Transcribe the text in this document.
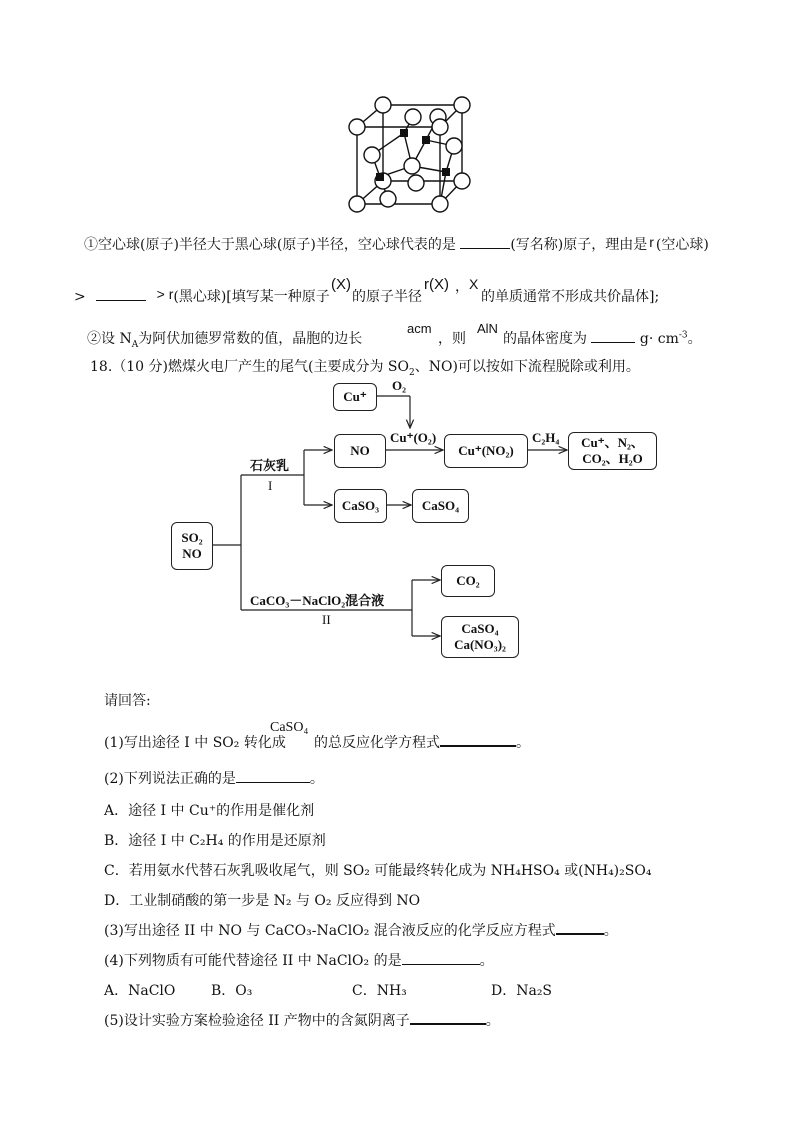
①空心球(原子)半径大于黑心球(原子)半径，空心球代表的是	(写名称)原子，理由是 r (空心球)
>	> r(黑心球)[填写某一种原子
(X)
的原子半径
r(X) ， X
的单质通常不形成共价晶体];
②设 $N_A$为阿伏加德罗常数的值，晶胞的边长
acm
，则
AlN
的晶体密度为	$g\cdot cm^{-3}$。
18.（10 分)燃煤火电厂产生的尾气(主要成分为 $SO_2$、NO)可以按如下流程脱除或利用。
Cu⁺
O₂
NO
Cu⁺(O₂)
Cu⁺(NO₂)
C₂H₄ Cu⁺、N₂、
CO₂、H₂O
CaSO₃	CaSO₄
SO₂
NO
石灰乳
I
CaCO₃－NaClO₂混合液
II
CO₂
CaSO₄
Ca(NO₃)₂
请回答:
(1)写出途径 I 中 SO₂ 转化成
CaSO₄
的总反应化学方程式	。
(2)下列说法正确的是	。
A．途径 I 中 Cu⁺的作用是催化剂
B．途径 I 中 C₂H₄ 的作用是还原剂
C．若用氨水代替石灰乳吸收尾气，则 SO₂ 可能最终转化成为 NH₄HSO₄ 或(NH₄)₂SO₄
D．工业制硝酸的第一步是 N₂ 与 O₂ 反应得到 NO
(3)写出途径 II 中 NO 与 CaCO₃-NaClO₂ 混合液反应的化学反应方程式	。
(4)下列物质有可能代替途径 II 中 NaClO₂ 的是	。
A．NaClO	B．O₃	C．NH₃	D．Na₂S
(5)设计实验方案检验途径 II 产物中的含氮阴离子	。
